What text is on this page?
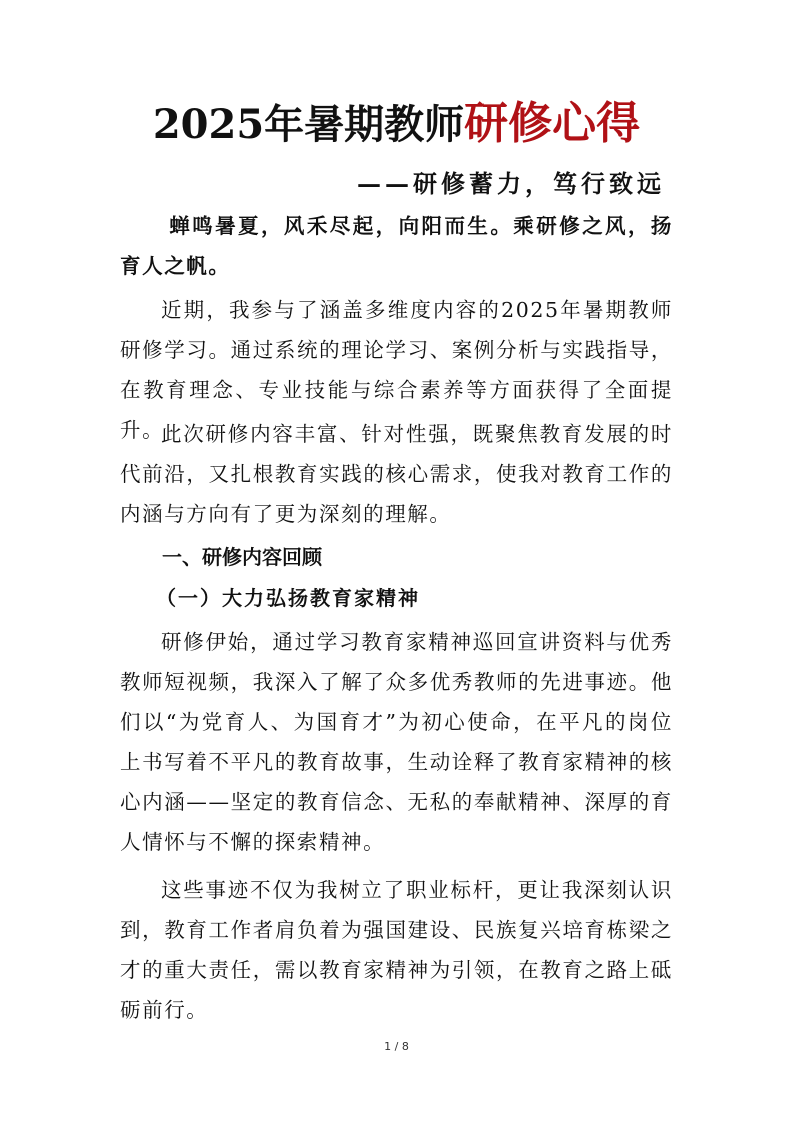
2025年暑期教师研修心得
——研修蓄力，笃行致远

蝉鸣暑夏，风禾尽起，向阳而生。乘研修之风，扬育人之帆。

近期，我参与了涵盖多维度内容的2025年暑期教师研修学习。通过系统的理论学习、案例分析与实践指导，在教育理念、专业技能与综合素养等方面获得了全面提升。

此次研修内容丰富、针对性强，既聚焦教育发展的时代前沿，又扎根教育实践的核心需求，使我对教育工作的内涵与方向有了更为深刻的理解。

一、研修内容回顾
（一）大力弘扬教育家精神

研修伊始，通过学习教育家精神巡回宣讲资料与优秀教师短视频，我深入了解了众多优秀教师的先进事迹。他们以“为党育人、为国育才”为初心使命，在平凡的岗位上书写着不平凡的教育故事，生动诠释了教育家精神的核心内涵——坚定的教育信念、无私的奉献精神、深厚的育人情怀与不懈的探索精神。

这些事迹不仅为我树立了职业标杆，更让我深刻认识到，教育工作者肩负着为强国建设、民族复兴培育栋梁之才的重大责任，需以教育家精神为引领，在教育之路上砥砺前行。

1 / 8
